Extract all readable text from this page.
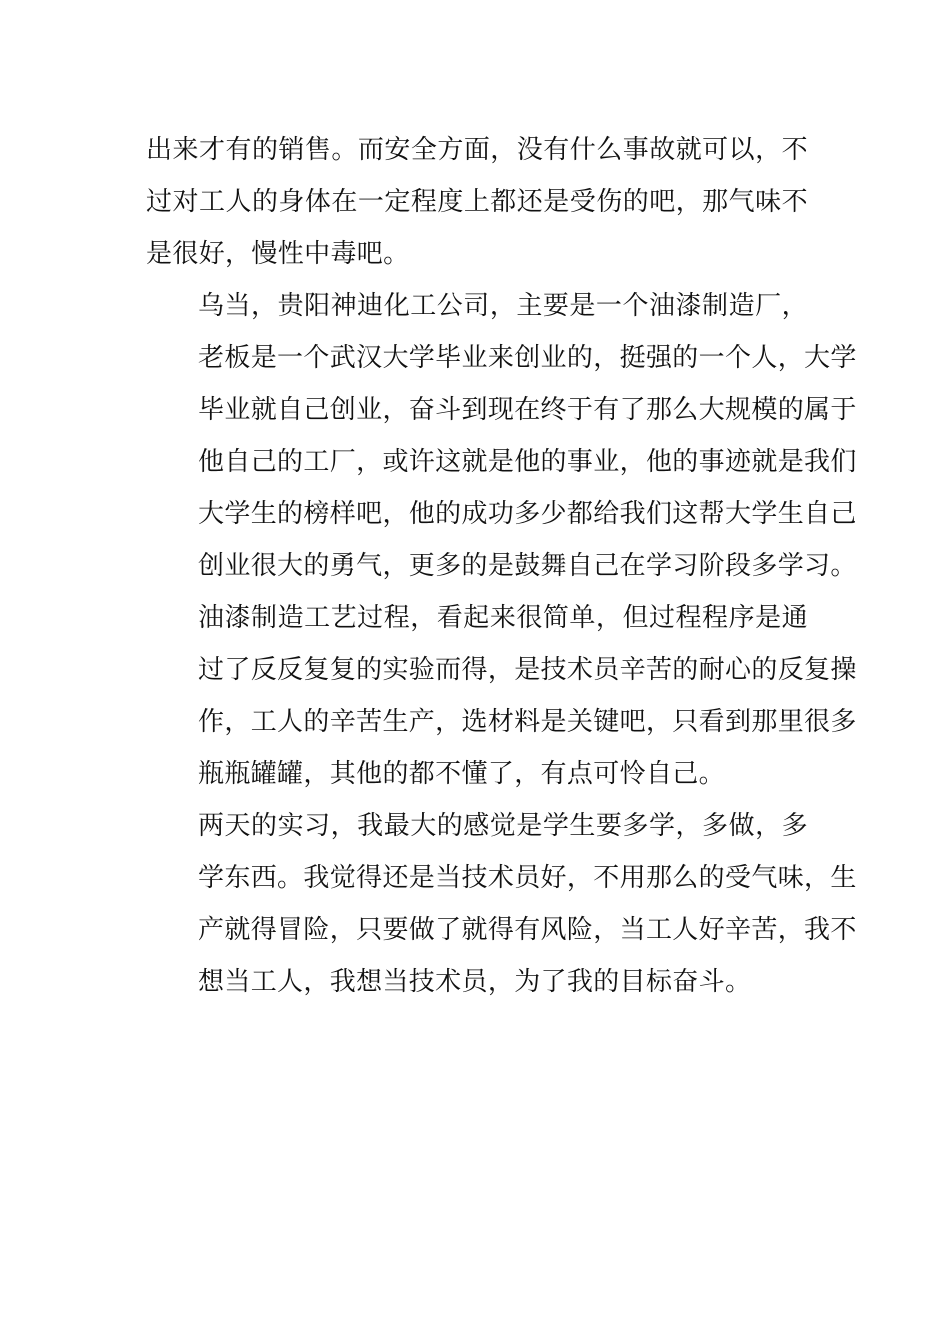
出来才有的销售。而安全方面，没有什么事故就可以，不
过对工人的身体在一定程度上都还是受伤的吧，那气味不
是很好，慢性中毒吧。

乌当，贵阳神迪化工公司，主要是一个油漆制造厂，
老板是一个武汉大学毕业来创业的，挺强的一个人，大学
毕业就自己创业，奋斗到现在终于有了那么大规模的属于
他自己的工厂，或许这就是他的事业，他的事迹就是我们
大学生的榜样吧，他的成功多少都给我们这帮大学生自己
创业很大的勇气，更多的是鼓舞自己在学习阶段多学习。

油漆制造工艺过程，看起来很简单，但过程程序是通
过了反反复复的实验而得，是技术员辛苦的耐心的反复操
作，工人的辛苦生产，选材料是关键吧，只看到那里很多
瓶瓶罐罐，其他的都不懂了，有点可怜自己。

两天的实习，我最大的感觉是学生要多学，多做，多
学东西。我觉得还是当技术员好，不用那么的受气味，生
产就得冒险，只要做了就得有风险，当工人好辛苦，我不
想当工人，我想当技术员，为了我的目标奋斗。
